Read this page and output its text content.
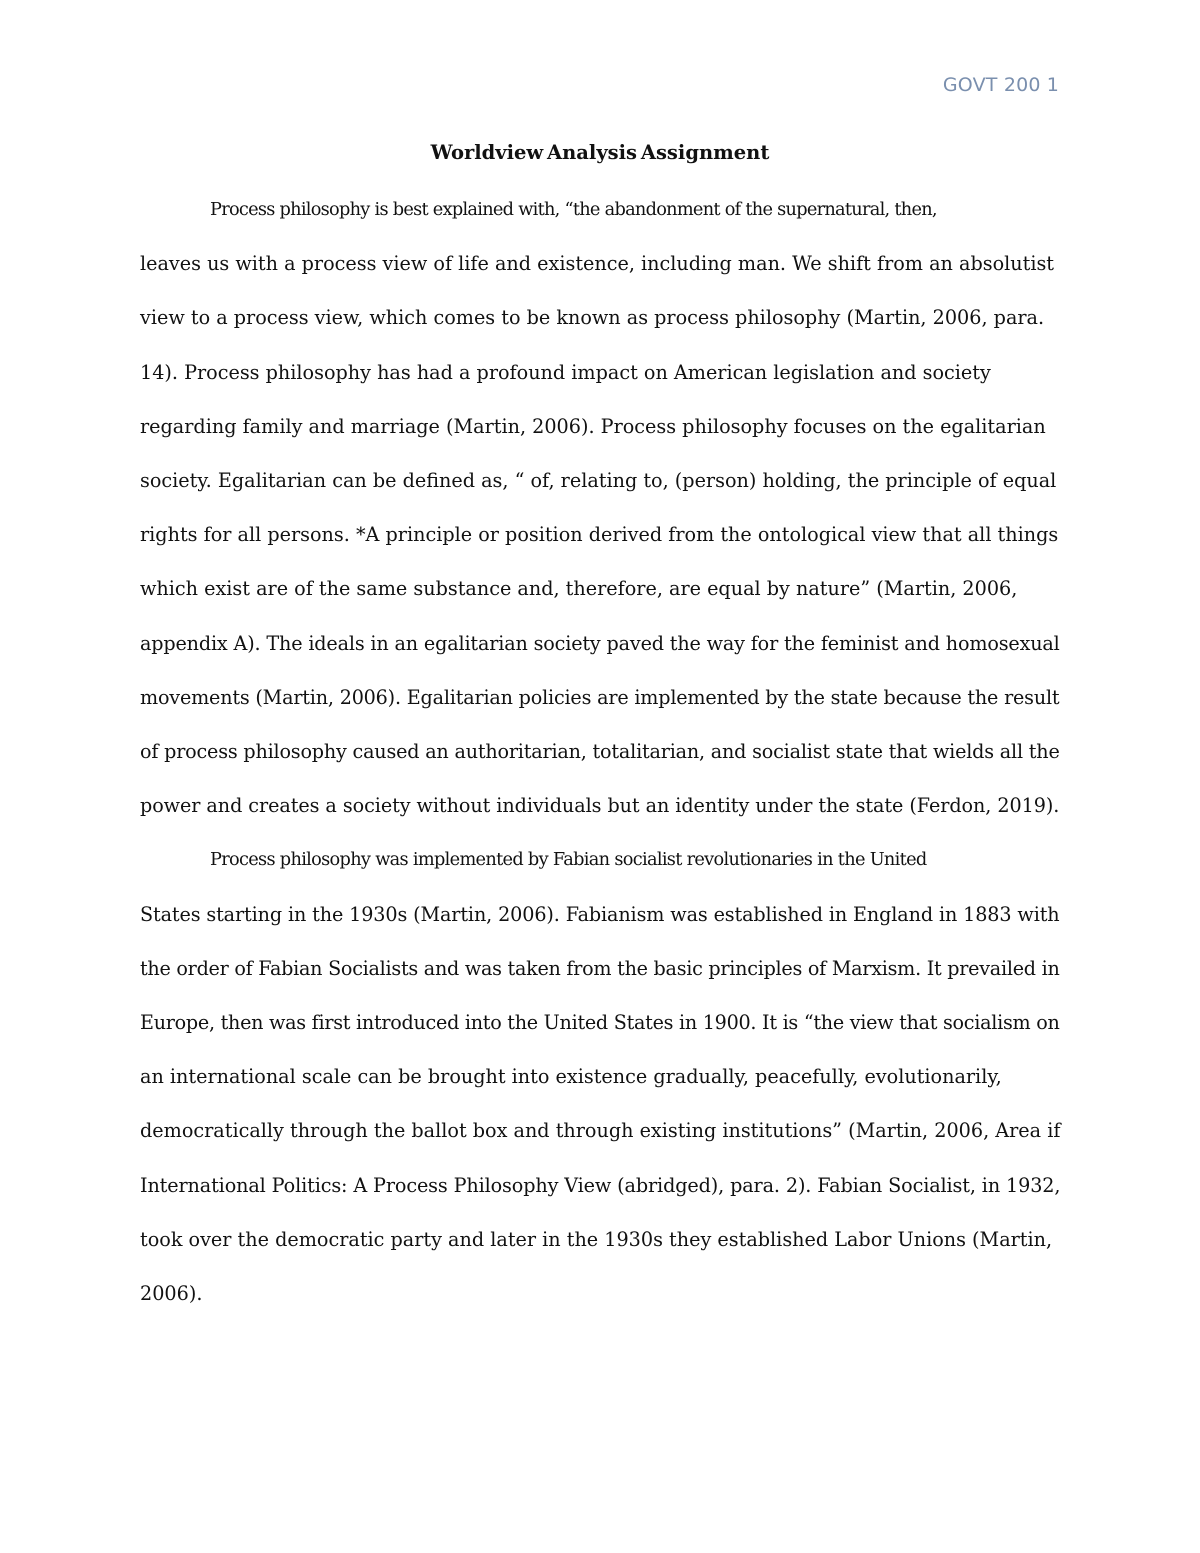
GOVT 200 1
Worldview Analysis Assignment

Process philosophy is best explained with, “the abandonment of the supernatural, then,
leaves us with a process view of life and existence, including man. We shift from an absolutist
view to a process view, which comes to be known as process philosophy (Martin, 2006, para.
14). Process philosophy has had a profound impact on American legislation and society
regarding family and marriage (Martin, 2006). Process philosophy focuses on the egalitarian
society. Egalitarian can be defined as, “ of, relating to, (person) holding, the principle of equal
rights for all persons. *A principle or position derived from the ontological view that all things
which exist are of the same substance and, therefore, are equal by nature” (Martin, 2006,
appendix A). The ideals in an egalitarian society paved the way for the feminist and homosexual
movements (Martin, 2006). Egalitarian policies are implemented by the state because the result
of process philosophy caused an authoritarian, totalitarian, and socialist state that wields all the
power and creates a society without individuals but an identity under the state (Ferdon, 2019).

Process philosophy was implemented by Fabian socialist revolutionaries in the United
States starting in the 1930s (Martin, 2006). Fabianism was established in England in 1883 with
the order of Fabian Socialists and was taken from the basic principles of Marxism. It prevailed in
Europe, then was first introduced into the United States in 1900. It is “the view that socialism on
an international scale can be brought into existence gradually, peacefully, evolutionarily,
democratically through the ballot box and through existing institutions” (Martin, 2006, Area if
International Politics: A Process Philosophy View (abridged), para. 2). Fabian Socialist, in 1932,
took over the democratic party and later in the 1930s they established Labor Unions (Martin,
2006).
